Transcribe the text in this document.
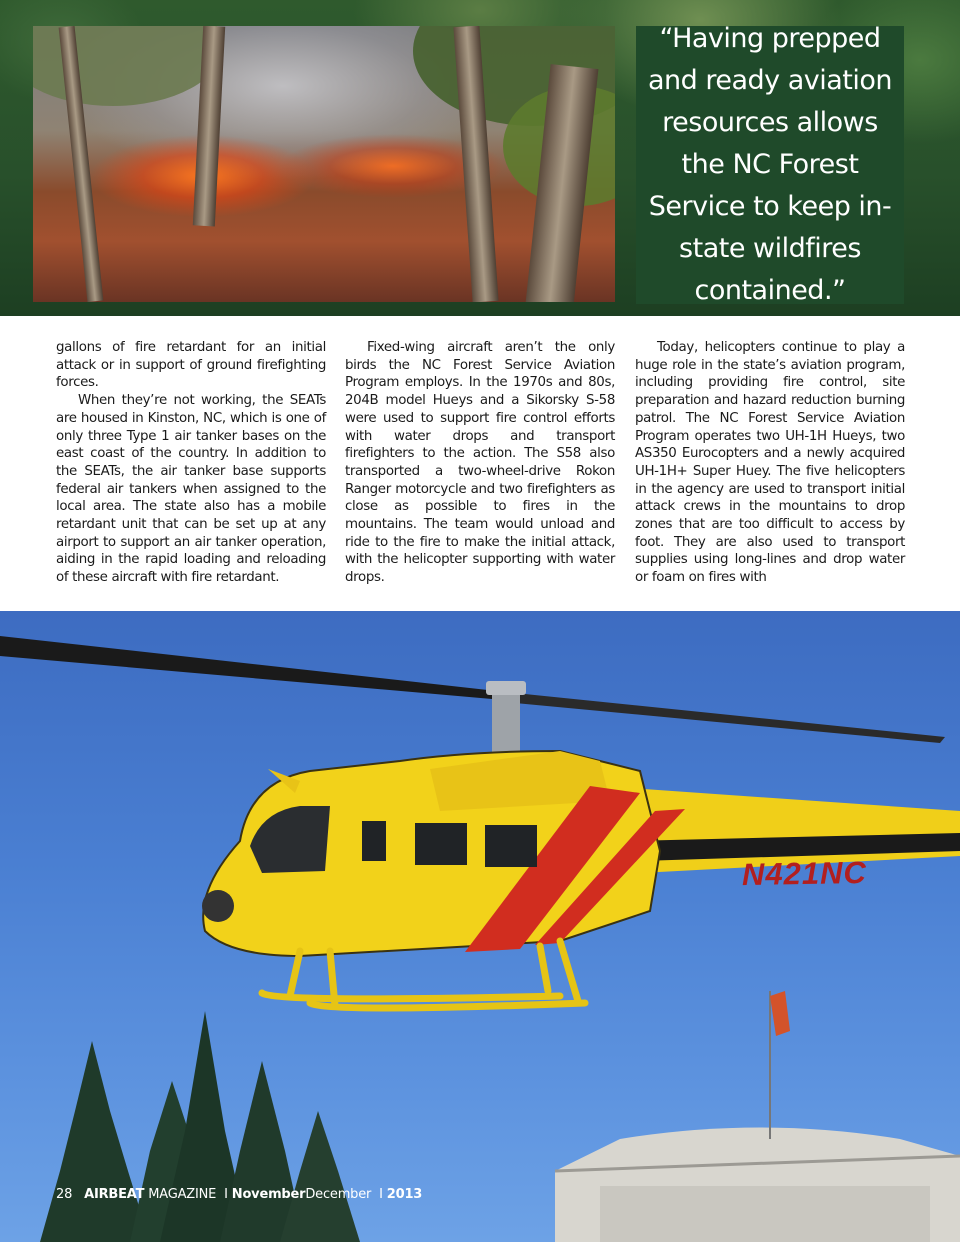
“Having prepped and ready aviation resources allows the NC Forest Service to keep in-state wildfires contained.”

gallons of fire retardant for an initial attack or in support of ground firefighting forces.

When they’re not working, the SEATs are housed in Kinston, NC, which is one of only three Type 1 air tanker bases on the east coast of the country. In addition to the SEATs, the air tanker base supports federal air tankers when assigned to the local area. The state also has a mobile retardant unit that can be set up at any airport to support an air tanker operation, aiding in the rapid loading and reloading of these aircraft with fire retardant.

Fixed-wing aircraft aren’t the only birds the NC Forest Service Aviation Program employs. In the 1970s and 80s, 204B model Hueys and a Sikorsky S-58 were used to support fire control efforts with water drops and transport firefighters to the action. The S58 also transported a two-wheel-drive Rokon Ranger motorcycle and two firefighters as close as possible to fires in the mountains. The team would unload and ride to the fire to make the initial attack, with the helicopter supporting with water drops.

Today, helicopters continue to play a huge role in the state’s aviation program, including providing fire control, site preparation and hazard reduction burning patrol. The NC Forest Service Aviation Program operates two UH-1H Hueys, two AS350 Eurocopters and a newly acquired UH-1H+ Super Huey. The five helicopters in the agency are used to transport initial attack crews in the mountains to drop zones that are too difficult to access by foot. They are also used to transport supplies using long-lines and drop water or foam on fires with

N421NC
28 AIRBEAT MAGAZINE I NovemberDecember I 2013
